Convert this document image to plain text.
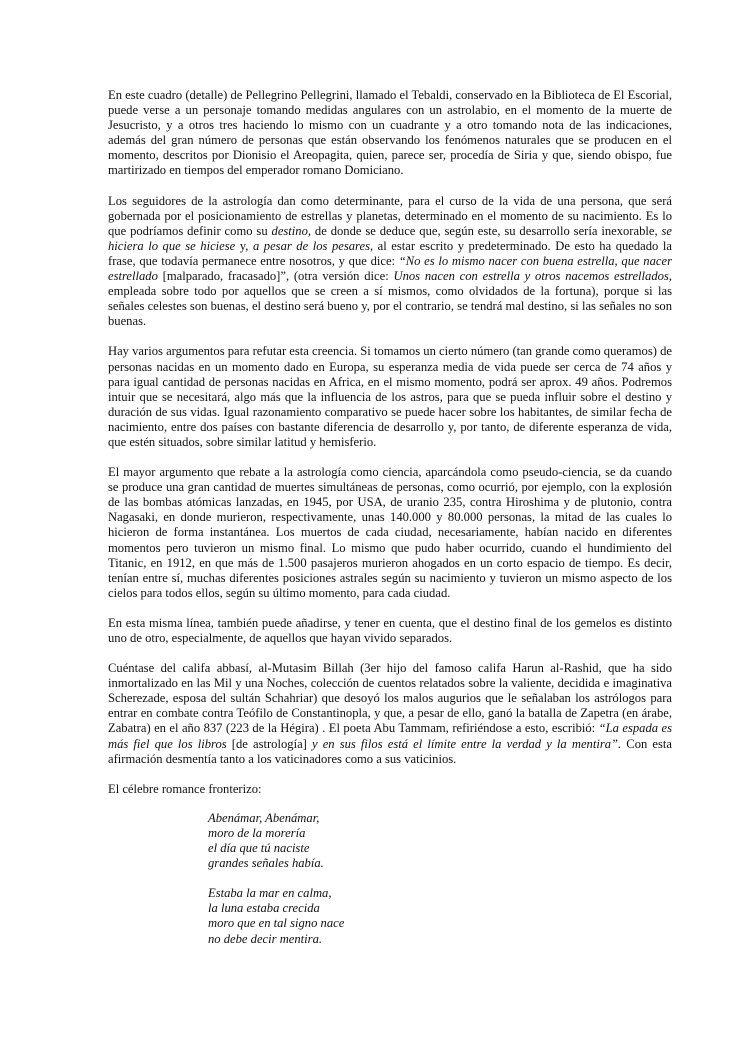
En este cuadro (detalle) de Pellegrino Pellegrini, llamado el Tebaldi, conservado en la Biblioteca de El Escorial, puede verse a un personaje tomando medidas angulares con un astrolabio, en el momento de la muerte de Jesucristo, y a otros tres haciendo lo mismo con un cuadrante y a otro tomando nota de las indicaciones, además del gran número de personas que están observando los fenómenos naturales que se producen en el momento, descritos por Dionisio el Areopagita, quien, parece ser, procedía de Siria y que, siendo obispo, fue martirizado en tiempos del emperador romano Domiciano.

Los seguidores de la astrología dan como determinante, para el curso de la vida de una persona, que será gobernada por el posicionamiento de estrellas y planetas, determinado en el momento de su nacimiento. Es lo que podríamos definir como su destino, de donde se deduce que, según este, su desarrollo sería inexorable, se hiciera lo que se hiciese y, a pesar de los pesares, al estar escrito y predeterminado. De esto ha quedado la frase, que todavía permanece entre nosotros, y que dice: “No es lo mismo nacer con buena estrella, que nacer estrellado [malparado, fracasado]”, (otra versión dice: Unos nacen con estrella y otros nacemos estrellados, empleada sobre todo por aquellos que se creen a sí mismos, como olvidados de la fortuna), porque si las señales celestes son buenas, el destino será bueno y, por el contrario, se tendrá mal destino, si las señales no son buenas.

Hay varios argumentos para refutar esta creencia. Si tomamos un cierto número (tan grande como queramos) de personas nacidas en un momento dado en Europa, su esperanza media de vida puede ser cerca de 74 años y para igual cantidad de personas nacidas en Africa, en el mismo momento, podrá ser aprox. 49 años. Podremos intuir que se necesitará, algo más que la influencia de los astros, para que se pueda influir sobre el destino y duración de sus vidas. Igual razonamiento comparativo se puede hacer sobre los habitantes, de similar fecha de nacimiento, entre dos países con bastante diferencia de desarrollo y, por tanto, de diferente esperanza de vida, que estén situados, sobre similar latitud y hemisferio.

El mayor argumento que rebate a la astrología como ciencia, aparcándola como pseudo-ciencia, se da cuando se produce una gran cantidad de muertes simultáneas de personas, como ocurrió, por ejemplo, con la explosión de las bombas atómicas lanzadas, en 1945, por USA, de uranio 235, contra Hiroshima y de plutonio, contra Nagasaki, en donde murieron, respectivamente, unas 140.000 y 80.000 personas, la mitad de las cuales lo hicieron de forma instantánea. Los muertos de cada ciudad, necesariamente, habían nacido en diferentes momentos pero tuvieron un mismo final. Lo mismo que pudo haber ocurrido, cuando el hundimiento del Titanic, en 1912, en que más de 1.500 pasajeros murieron ahogados en un corto espacio de tiempo. Es decir, tenían entre sí, muchas diferentes posiciones astrales según su nacimiento y tuvieron un mismo aspecto de los cielos para todos ellos, según su último momento, para cada ciudad.

En esta misma línea, también puede añadirse, y tener en cuenta, que el destino final de los gemelos es distinto uno de otro, especialmente, de aquellos que hayan vivido separados.

Cuéntase del califa abbasí, al-Mutasim Billah (3er hijo del famoso califa Harun al-Rashid, que ha sido inmortalizado en las Mil y una Noches, colección de cuentos relatados sobre la valiente, decidida e imaginativa Scherezade, esposa del sultán Schahriar) que desoyó los malos augurios que le señalaban los astrólogos para entrar en combate contra Teófilo de Constantinopla, y que, a pesar de ello, ganó la batalla de Zapetra (en árabe, Zabatra) en el año 837 (223 de la Hégira) . El poeta Abu Tammam, refiriéndose a esto, escribió: “La espada es más fiel que los libros [de astrología] y en sus filos está el límite entre la verdad y la mentira”. Con esta afirmación desmentía tanto a los vaticinadores como a sus vaticinios.

El célebre romance fronterizo:

Abenámar, Abenámar,
moro de la morería
el día que tú naciste
grandes señales había.
Estaba la mar en calma,
la luna estaba crecida
moro que en tal signo nace
no debe decir mentira.
